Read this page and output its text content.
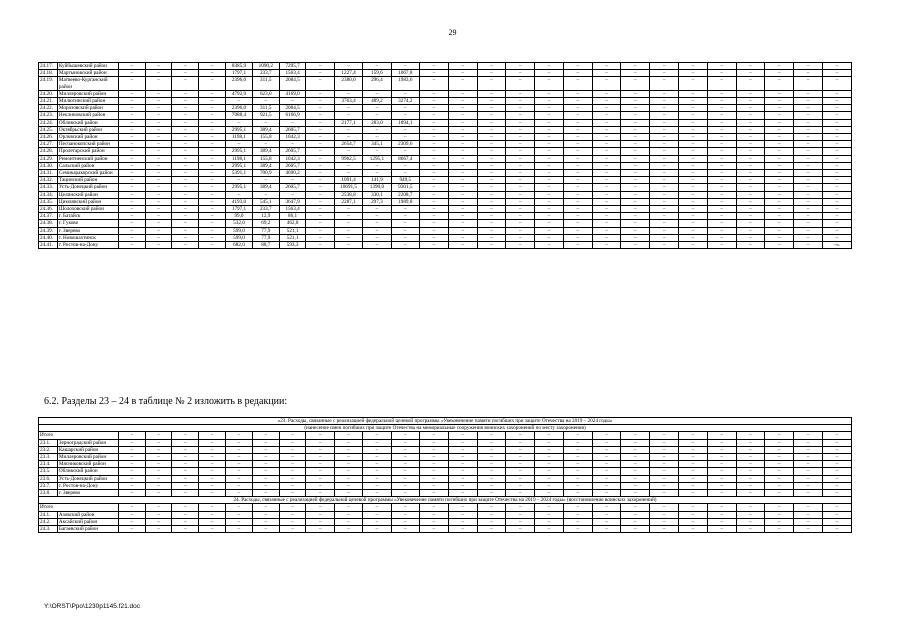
29
24.17.	Куйбышевский район	–	–	–	–	8385,9	1090,2	7295,7	–	–	–	–	–	–	–	–	–	–	–	–	–	–	–	–	–	–	–
24.18.	Мартыновский район	–	–	–	–	1797,1	233,7	1563,4	–	1227,4	159,6	1067,8	–	–	–	–	–	–	–	–	–	–	–	–	–	–	–
24.19.	Матвеево-Курганский район	–	–	–	–	2396,0	311,5	2084,5	–	2380,0	296,4	1983,6	–	–	–	–	–	–	–	–	–	–	–	–	–	–	–
24.20.	Миллеровский район	–	–	–	–	4792,0	623,0	4169,0	–	–	–	–	–	–	–	–	–	–	–	–	–	–	–	–	–	–	–
24.21.	Милютинский район	–	–	–	–	–	–	–	–	3763,4	489,2	3274,2	–	–	–	–	–	–	–	–	–	–	–	–	–	–	–
24.22.	Морозовский район	–	–	–	–	2396,0	311,5	2084,5	–	–	–	–	–	–	–	–	–	–	–	–	–	–	–	–	–	–	–
24.23.	Неклиновский район	–	–	–	–	7088,4	921,5	6166,9	–	–	–	–	–	–	–	–	–	–	–	–	–	–	–	–	–	–	–
24.24.	Обливский район	–	–	–	–	–	–	–	–	2177,1	283,0	1894,1	–	–	–	–	–	–	–	–	–	–	–	–	–	–	–
24.25.	Октябрьский район	–	–	–	–	2995,1	389,4	2605,7	–	–	–	–	–	–	–	–	–	–	–	–	–	–	–	–	–	–	–
24.26.	Орловский район	–	–	–	–	1198,1	155,8	1042,3	–	–	–	–	–	–	–	–	–	–	–	–	–	–	–	–	–	–	–
24.27.	Песчанокопский район	–	–	–	–	–	–	–	–	2654,7	345,1	2309,6	–	–	–	–	–	–	–	–	–	–	–	–	–	–	–
24.28.	Пролетарский район	–	–	–	–	2995,1	389,4	2605,7	–	–	–	–	–	–	–	–	–	–	–	–	–	–	–	–	–	–	–
24.29.	Ремонтненский район	–	–	–	–	1198,1	155,8	1042,3	–	9962,5	1295,1	8667,4	–	–	–	–	–	–	–	–	–	–	–	–	–	–	–
24.30.	Сальский район	–	–	–	–	2995,1	389,4	2605,7	–	–	–	–	–	–	–	–	–	–	–	–	–	–	–	–	–	–	–
24.31.	Семикаракорский район	–	–	–	–	5391,1	700,9	4690,2	–	–	–	–	–	–	–	–	–	–	–	–	–	–	–	–	–	–	–
24.32.	Тацинский район	–	–	–	–	–	–	–	–	1091,4	141,9	949,5	–	–	–	–	–	–	–	–	–	–	–	–	–	–	–
24.33.	Усть-Донецкий район	–	–	–	–	2995,1	389,4	2605,7	–	10691,5	1390,0	9301,5	–	–	–	–	–	–	–	–	–	–	–	–	–	–	–
24.34.	Целинский район	–	–	–	–	–	–	–	–	2538,8	330,1	2208,7	–	–	–	–	–	–	–	–	–	–	–	–	–	–	–
24.35.	Цимлянский район	–	–	–	–	4193,0	545,1	3647,9	–	2287,1	297,3	1989,8	–	–	–	–	–	–	–	–	–	–	–	–	–	–	–
24.36.	Шолоховский район	–	–	–	–	1797,1	233,7	1563,4	–	–	–	–	–	–	–	–	–	–	–	–	–	–	–	–	–	–	–
24.37.	г. Батайск	–	–	–	–	99,0	12,9	86,1	–	–	–	–	–	–	–	–	–	–	–	–	–	–	–	–	–	–	–
24.38.	г. Гуково	–	–	–	–	532,0	69,2	462,8	–	–	–	–	–	–	–	–	–	–	–	–	–	–	–	–	–	–	–
24.39.	г. Зверево	–	–	–	–	599,0	77,9	521,1	–	–	–	–	–	–	–	–	–	–	–	–	–	–	–	–	–	–	–
24.40.	г. Новошахтинск	–	–	–	–	599,0	77,9	521,1	–	–	–	–	–	–	–	–	–	–	–	–	–	–	–	–	–	–	–
24.41.	г. Ростов-на-Дону	–	–	–	–	682,0	88,7	593,3	–	–	–	–	–	–	–	–	–	–	–	–	–	–	–	–	–	–	–».
6.2. Разделы 23 – 24 в таблице № 2 изложить в редакции:
«23. Расходы, связанные с реализацией федеральной целевой программы «Увековечение памяти погибших при защите Отечества на 2019 – 2024 годы»																											
(нанесение имен погибших при защите Отечества на мемориальные сооружения воинских захоронений по месту захоронения)																											
Итого		–	–	–	–	–	–	–	–	–	–	–	–	–	–	–	–	–	–	–	–	–	–	–	–	–	–
23.1.	Зерноградский район	–	–	–	–	–	–	–	–	–	–	–	–	–	–	–	–	–	–	–	–	–	–	–	–	–	–
23.2.	Кашарский район	–	–	–	–	–	–	–	–	–	–	–	–	–	–	–	–	–	–	–	–	–	–	–	–	–	–
23.3.	Миллеровский район	–	–	–	–	–	–	–	–	–	–	–	–	–	–	–	–	–	–	–	–	–	–	–	–	–	–
23.4.	Мясниковский район	–	–	–	–	–	–	–	–	–	–	–	–	–	–	–	–	–	–	–	–	–	–	–	–	–	–
23.5.	Обливский район	–	–	–	–	–	–	–	–	–	–	–	–	–	–	–	–	–	–	–	–	–	–	–	–	–	–
23.6.	Усть-Донецкий район	–	–	–	–	–	–	–	–	–	–	–	–	–	–	–	–	–	–	–	–	–	–	–	–	–	–
23.7.	г. Ростов-на-Дону	–	–	–	–	–	–	–	–	–	–	–	–	–	–	–	–	–	–	–	–	–	–	–	–	–	–
23.8.	г. Зверево	–	–	–	–	–	–	–	–	–	–	–	–	–	–	–	–	–	–	–	–	–	–	–	–	–	–
24. Расходы, связанные с реализацией федеральной целевой программы «Увековечение памяти погибших при защите Отечества на 2019 – 2024 годы» (восстановление воинских захоронений)																											
Итого		–	–	–	–	–	–	–	–	–	–	–	–	–	–	–	–	–	–	–	–	–	–	–	–	–	–
24.1.	Азовский район	–	–	–	–	–	–	–	–	–	–	–	–	–	–	–	–	–	–	–	–	–	–	–	–	–	–
24.2.	Аксайский район	–	–	–	–	–	–	–	–	–	–	–	–	–	–	–	–	–	–	–	–	–	–	–	–	–	–
24.3.	Багаевский район	–	–	–	–	–	–	–	–	–	–	–	–	–	–	–	–	–	–	–	–	–	–	–	–	–	–
Y:\ORST\Ppo\1230p1145.f21.doc
